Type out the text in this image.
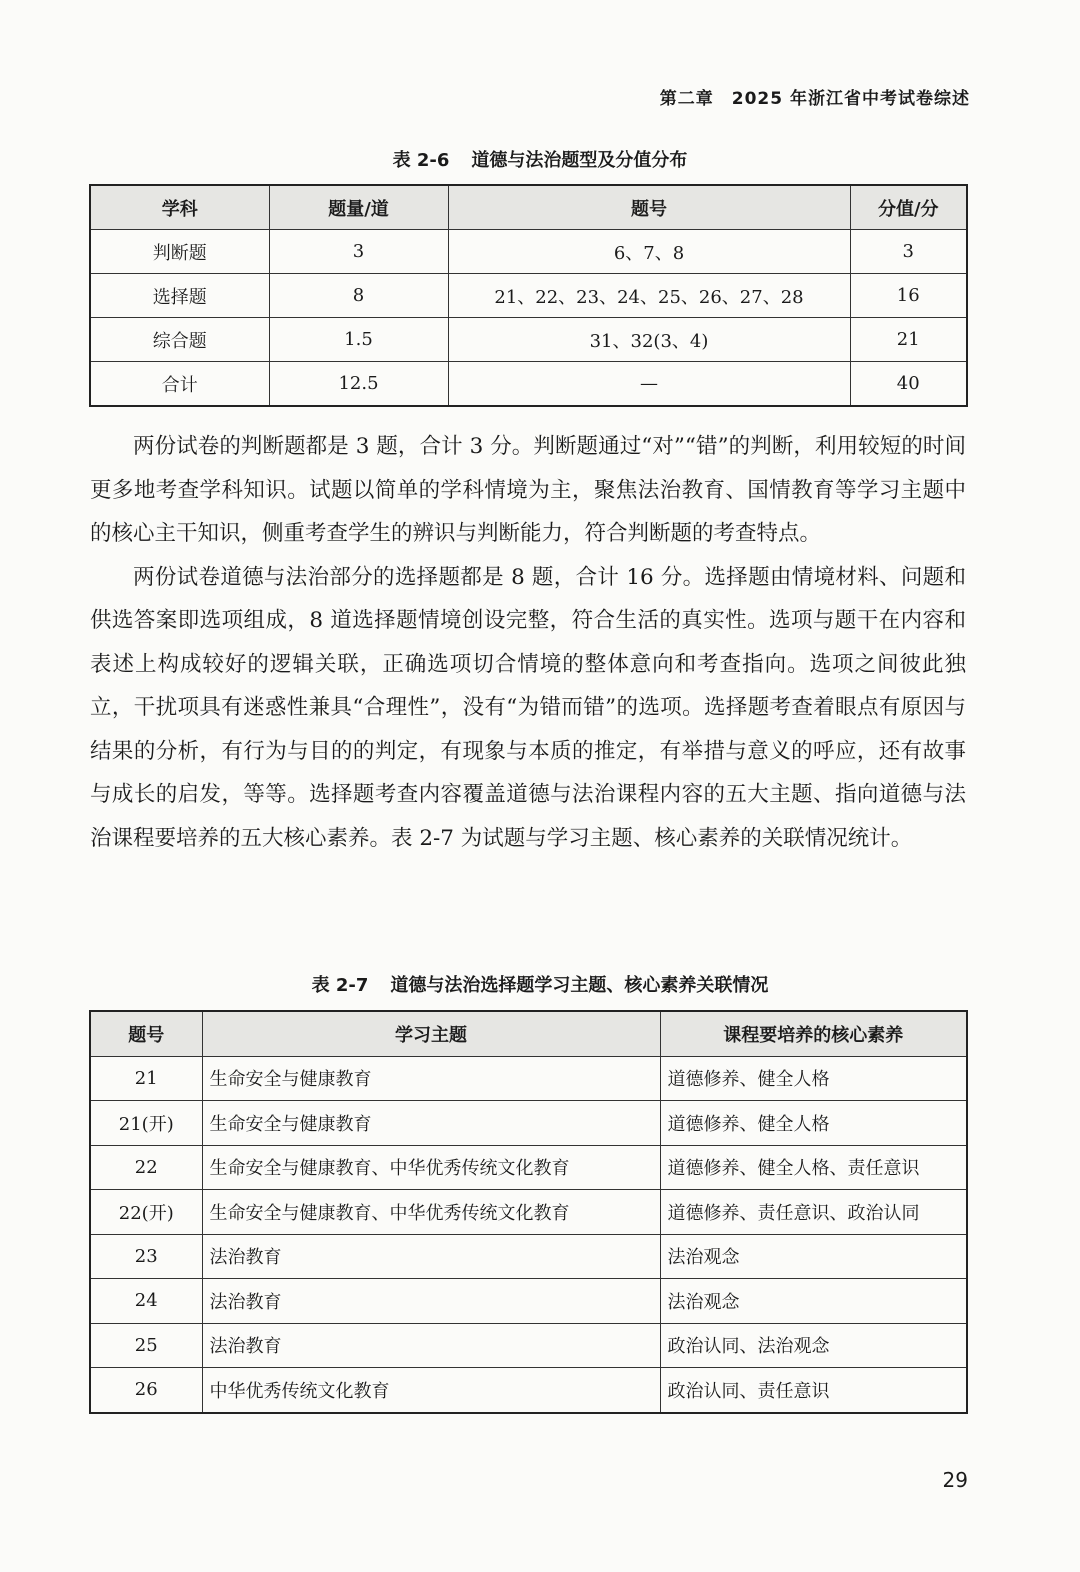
第二章　2025 年浙江省中考试卷综述
表 2-6 道德与法治题型及分值分布
学科	题量/道	题号	分值/分
判断题	3	6、7、8	3
选择题	8	21、22、23、24、25、26、27、28	16
综合题	1.5	31、32(3、4)	21
合计	12.5	—	40

两份试卷的判断题都是 3 题，合计 3 分。判断题通过“对”“错”的判断，利用较短的时间更多地考查学科知识。试题以简单的学科情境为主，聚焦法治教育、国情教育等学习主题中的核心主干知识，侧重考查学生的辨识与判断能力，符合判断题的考查特点。

两份试卷道德与法治部分的选择题都是 8 题，合计 16 分。选择题由情境材料、问题和供选答案即选项组成，8 道选择题情境创设完整，符合生活的真实性。选项与题干在内容和表述上构成较好的逻辑关联，正确选项切合情境的整体意向和考查指向。选项之间彼此独立，干扰项具有迷惑性兼具“合理性”，没有“为错而错”的选项。选择题考查着眼点有原因与结果的分析，有行为与目的的判定，有现象与本质的推定，有举措与意义的呼应，还有故事与成长的启发，等等。选择题考查内容覆盖道德与法治课程内容的五大主题、指向道德与法治课程要培养的五大核心素养。表 2-7 为试题与学习主题、核心素养的关联情况统计。

表 2-7 道德与法治选择题学习主题、核心素养关联情况
题号	学习主题	课程要培养的核心素养
21	生命安全与健康教育	道德修养、健全人格
21(开)	生命安全与健康教育	道德修养、健全人格
22	生命安全与健康教育、中华优秀传统文化教育	道德修养、健全人格、责任意识
22(开)	生命安全与健康教育、中华优秀传统文化教育	道德修养、责任意识、政治认同
23	法治教育	法治观念
24	法治教育	法治观念
25	法治教育	政治认同、法治观念
26	中华优秀传统文化教育	政治认同、责任意识
29
